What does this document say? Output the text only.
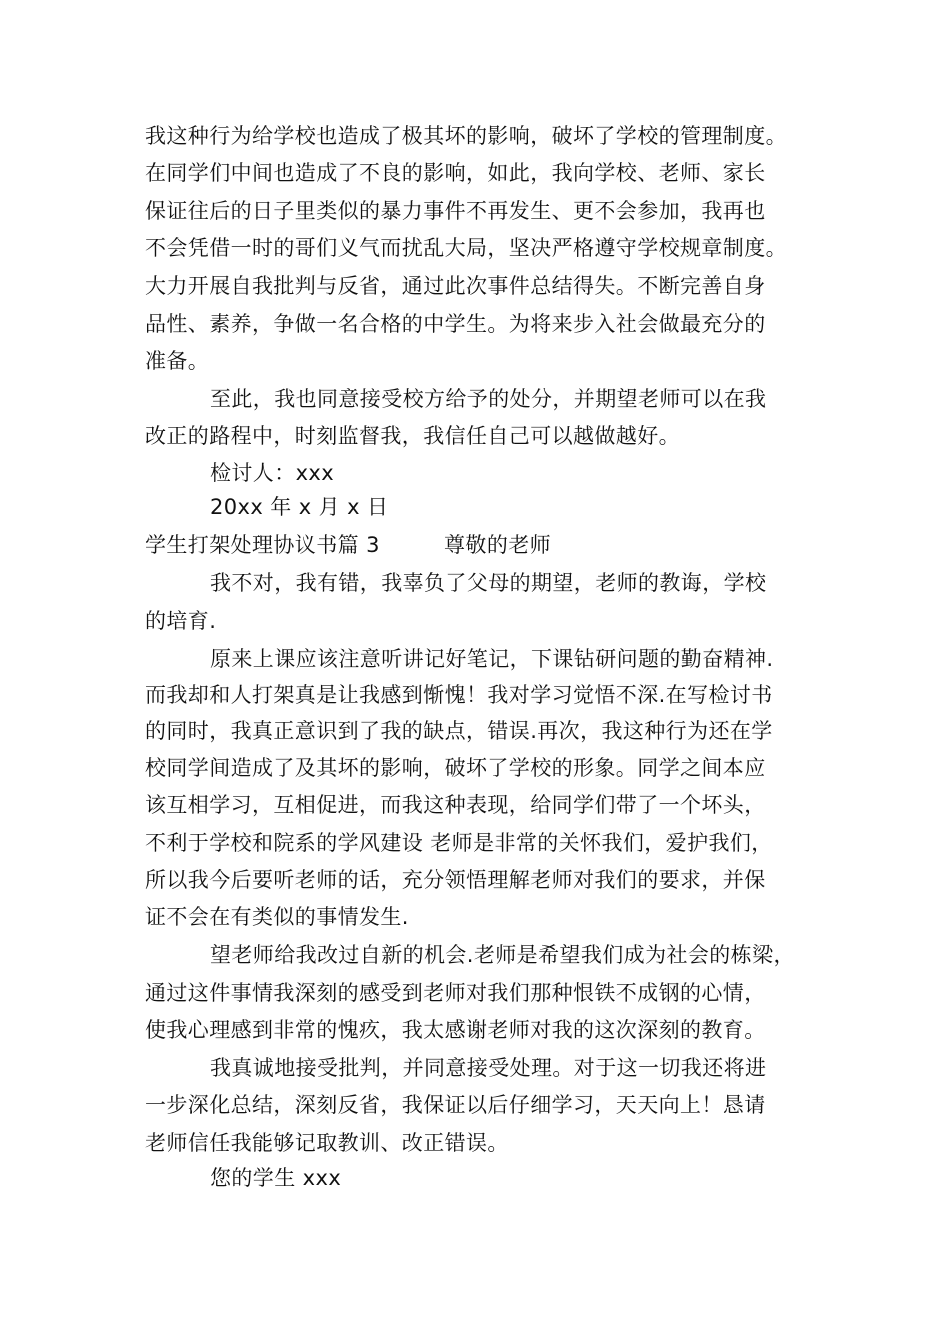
我这种行为给学校也造成了极其坏的影响，破坏了学校的管理制度。
在同学们中间也造成了不良的影响，如此，我向学校、老师、家长
保证往后的日子里类似的暴力事件不再发生、更不会参加，我再也
不会凭借一时的哥们义气而扰乱大局，坚决严格遵守学校规章制度。
大力开展自我批判与反省，通过此次事件总结得失。不断完善自身
品性、素养，争做一名合格的中学生。为将来步入社会做最充分的
准备。
至此，我也同意接受校方给予的处分，并期望老师可以在我
改正的路程中，时刻监督我，我信任自己可以越做越好。
检讨人：xxx
20xx 年 x 月 x 日
学生打架处理协议书篇 3　　　尊敬的老师
我不对，我有错，我辜负了父母的期望，老师的教诲，学校
的培育.
原来上课应该注意听讲记好笔记，下课钻研问题的勤奋精神.
而我却和人打架真是让我感到惭愧！我对学习觉悟不深.在写检讨书
的同时，我真正意识到了我的缺点，错误.再次，我这种行为还在学
校同学间造成了及其坏的影响，破坏了学校的形象。同学之间本应
该互相学习，互相促进，而我这种表现，给同学们带了一个坏头，
不利于学校和院系的学风建设 老师是非常的关怀我们，爱护我们，
所以我今后要听老师的话，充分领悟理解老师对我们的要求，并保
证不会在有类似的事情发生.
望老师给我改过自新的机会.老师是希望我们成为社会的栋梁，
通过这件事情我深刻的感受到老师对我们那种恨铁不成钢的心情，
使我心理感到非常的愧疚，我太感谢老师对我的这次深刻的教育。
我真诚地接受批判，并同意接受处理。对于这一切我还将进
一步深化总结，深刻反省，我保证以后仔细学习，天天向上！恳请
老师信任我能够记取教训、改正错误。
您的学生 xxx
